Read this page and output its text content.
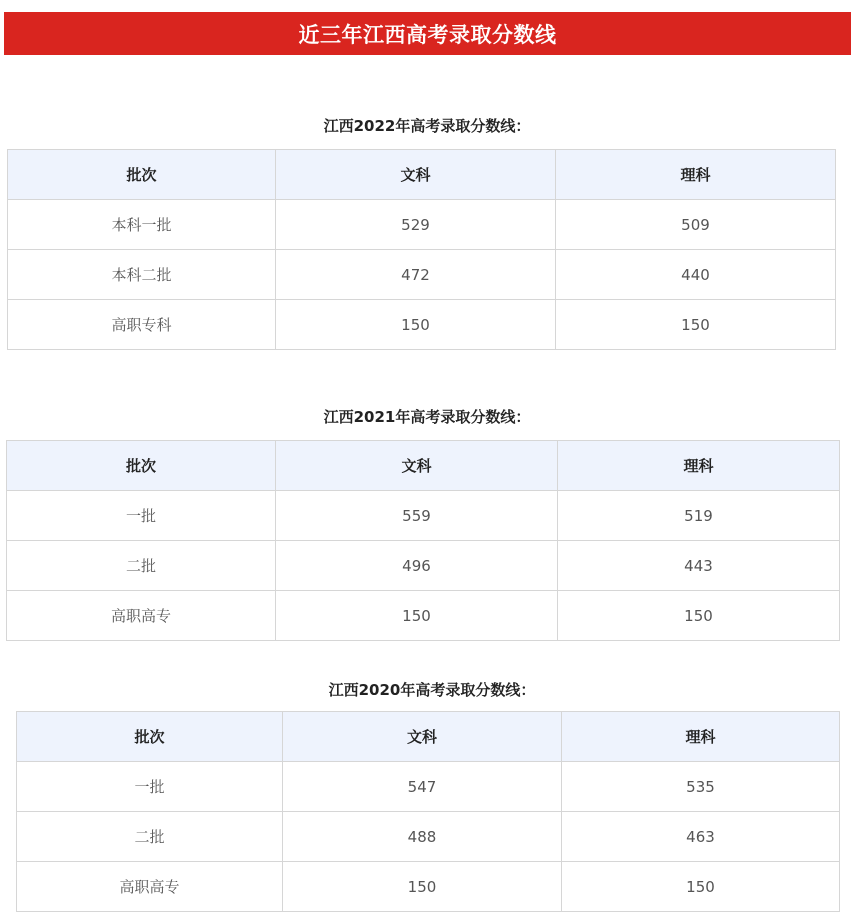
近三年江西高考录取分数线
江西2022年高考录取分数线：
批次	文科	理科
本科一批	529	509
本科二批	472	440
高职专科	150	150
江西2021年高考录取分数线：
批次	文科	理科
一批	559	519
二批	496	443
高职高专	150	150
江西2020年高考录取分数线：
批次	文科	理科
一批	547	535
二批	488	463
高职高专	150	150
